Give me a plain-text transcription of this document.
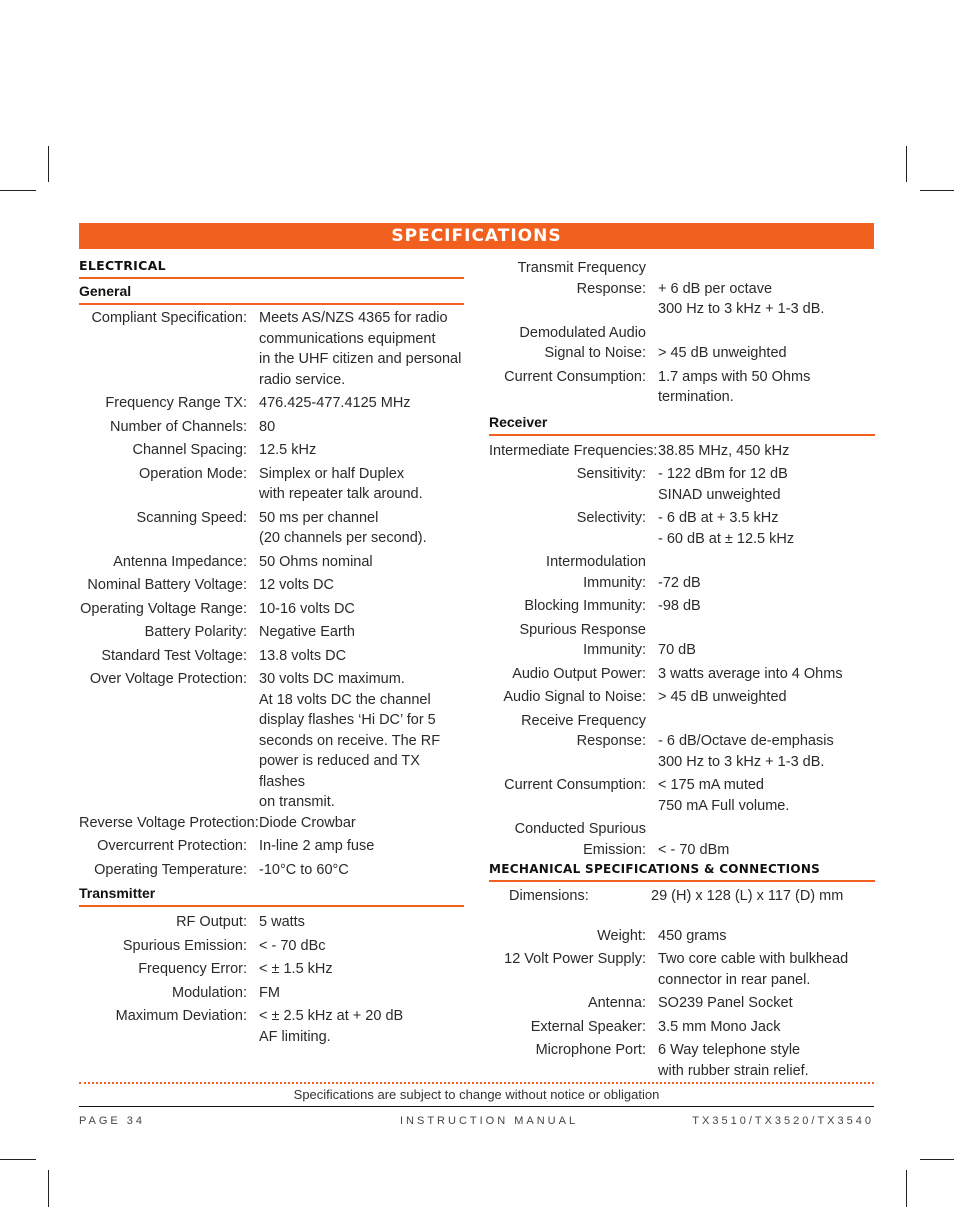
SPECIFICATIONS
ELECTRICAL
General
Compliant Specification: Meets AS/NZS 4365 for radio
communications equipment
in the UHF citizen and personal
radio service.
Frequency Range TX: 476.425-477.4125 MHz
Number of Channels: 80
Channel Spacing: 12.5 kHz
Operation Mode: Simplex or half Duplex
with repeater talk around.
Scanning Speed: 50 ms per channel
(20 channels per second).
Antenna Impedance: 50 Ohms nominal
Nominal Battery Voltage: 12 volts DC
Operating Voltage Range: 10-16 volts DC
Battery Polarity: Negative Earth
Standard Test Voltage: 13.8 volts DC
Over Voltage Protection: 30 volts DC maximum.
At 18 volts DC the channel
display flashes ‘Hi DC’ for 5
seconds on receive. The RF
power is reduced and TX flashes
on transmit.
Reverse Voltage Protection: Diode Crowbar
Overcurrent Protection: In-line 2 amp fuse
Operating Temperature: -10°C to 60°C
Transmitter
RF Output: 5 watts
Spurious Emission: < - 70 dBc
Frequency Error: < ± 1.5 kHz
Modulation: FM
Maximum Deviation: < ± 2.5 kHz at + 20 dB
AF limiting.
Transmit Frequency
Response: + 6 dB per octave
300 Hz to 3 kHz + 1-3 dB.
Demodulated Audio
Signal to Noise: > 45 dB unweighted
Current Consumption: 1.7 amps with 50 Ohms
termination.
Receiver
Intermediate Frequencies: 38.85 MHz, 450 kHz
Sensitivity: - 122 dBm for 12 dB
SINAD unweighted
Selectivity: - 6 dB at + 3.5 kHz
- 60 dB at ± 12.5 kHz
Intermodulation
Immunity: -72 dB
Blocking Immunity: -98 dB
Spurious Response
Immunity: 70 dB
Audio Output Power: 3 watts average into 4 Ohms
Audio Signal to Noise: > 45 dB unweighted
Receive Frequency
Response: - 6 dB/Octave de-emphasis
300 Hz to 3 kHz + 1-3 dB.
Current Consumption: < 175 mA muted
750 mA Full volume.
Conducted Spurious
Emission: < - 70 dBm
MECHANICAL SPECIFICATIONS & CONNECTIONS
Dimensions:	29 (H) x 128 (L) x 117 (D) mm
Weight: 450 grams
12 Volt Power Supply: Two core cable with bulkhead
connector in rear panel.
Antenna: SO239 Panel Socket
External Speaker: 3.5 mm Mono Jack
Microphone Port: 6 Way telephone style
with rubber strain relief.
Specifications are subject to change without notice or obligation
PAGE 34	INSTRUCTION MANUAL	TX3510/TX3520/TX3540
